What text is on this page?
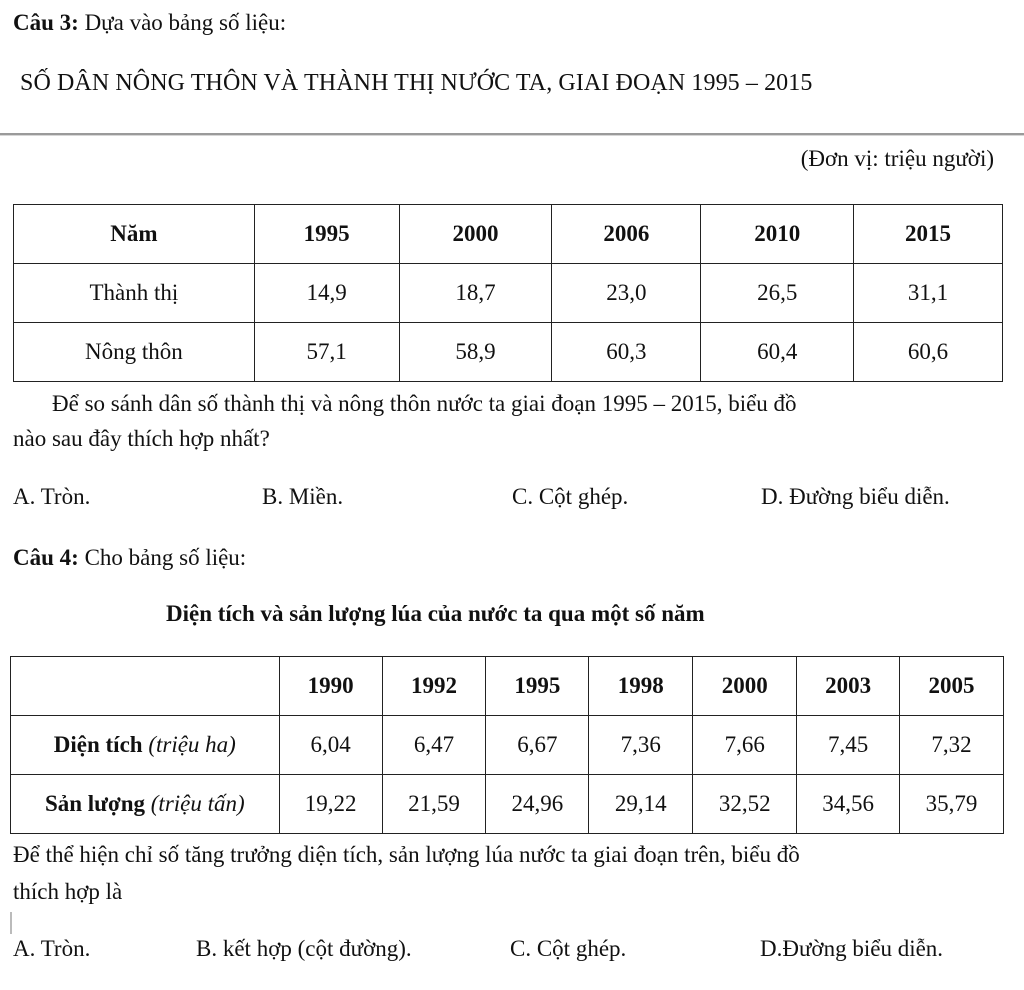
Câu 3: Dựa vào bảng số liệu:
SỐ DÂN NÔNG THÔN VÀ THÀNH THỊ NƯỚC TA, GIAI ĐOẠN 1995 – 2015
(Đơn vị: triệu người)
Năm	1995	2000	2006	2010	2015
Thành thị	14,9	18,7	23,0	26,5	31,1
Nông thôn	57,1	58,9	60,3	60,4	60,6
Để so sánh dân số thành thị và nông thôn nước ta giai đoạn 1995 – 2015, biểu đồ
nào sau đây thích hợp nhất?
A. Tròn.	B. Miền.	C. Cột ghép.	D. Đường biểu diễn.
Câu 4: Cho bảng số liệu:
Diện tích và sản lượng lúa của nước ta qua một số năm
	1990	1992	1995	1998	2000	2003	2005
Diện tích (triệu ha)	6,04	6,47	6,67	7,36	7,66	7,45	7,32
Sản lượng (triệu tấn)	19,22	21,59	24,96	29,14	32,52	34,56	35,79
Để thể hiện chỉ số tăng trưởng diện tích, sản lượng lúa nước ta giai đoạn trên, biểu đồ
thích hợp là
A. Tròn.	B. kết hợp (cột đường).	C. Cột ghép.	D.Đường biểu diễn.
